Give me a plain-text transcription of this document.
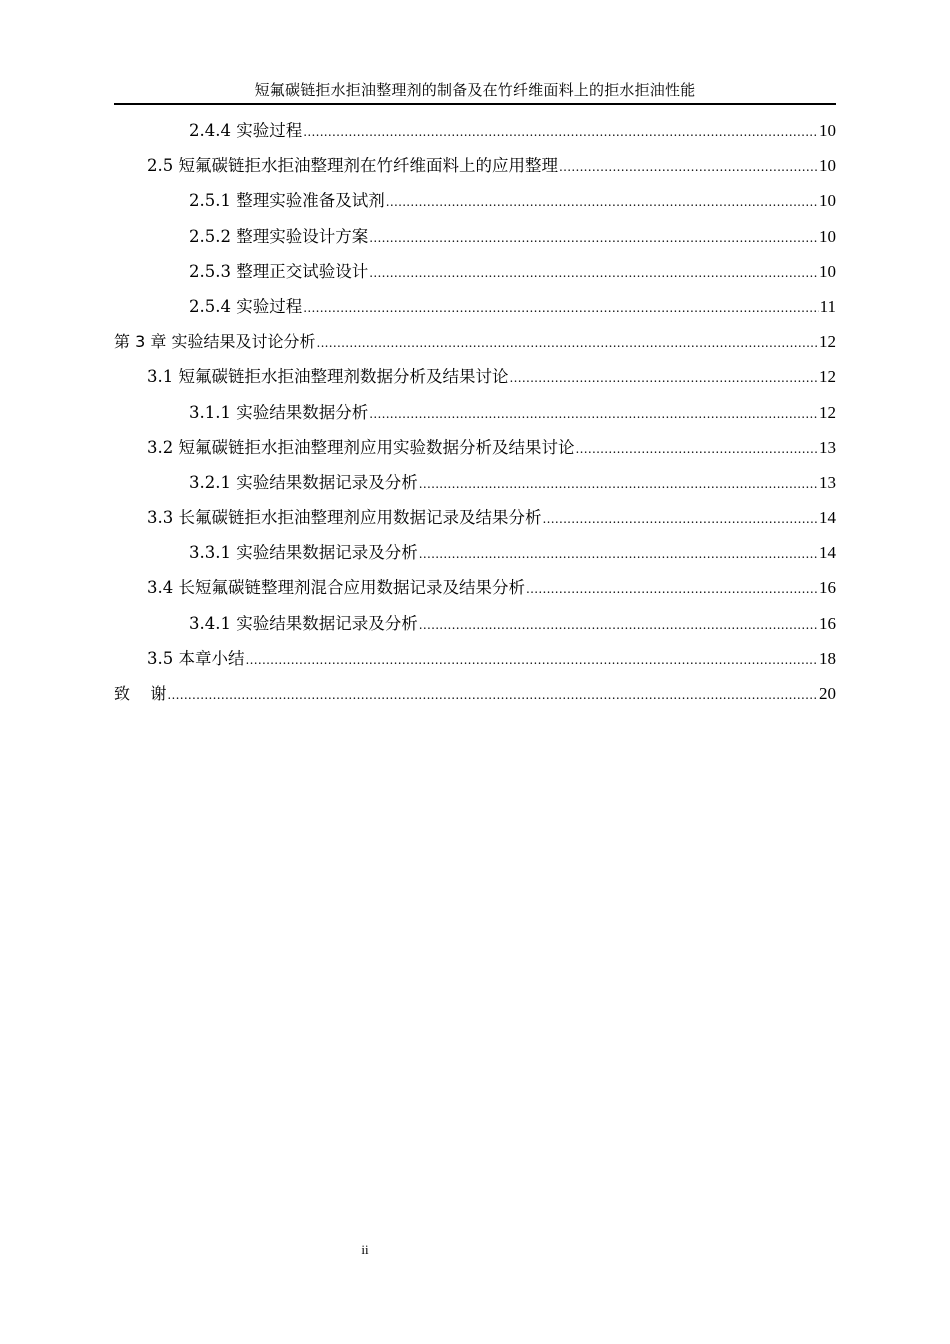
短氟碳链拒水拒油整理剂的制备及在竹纤维面料上的拒水拒油性能
2.4.4 实验过程 .....	10
2.5 短氟碳链拒水拒油整理剂在竹纤维面料上的应用整理 .....	10
2.5.1 整理实验准备及试剂 .....	10
2.5.2 整理实验设计方案 .....	10
2.5.3 整理正交试验设计 .....	10
2.5.4 实验过程 .....	11
第 3 章 实验结果及讨论分析 .....	12
3.1 短氟碳链拒水拒油整理剂数据分析及结果讨论 .....	12
3.1.1 实验结果数据分析 .....	12
3.2 短氟碳链拒水拒油整理剂应用实验数据分析及结果讨论 .....	13
3.2.1 实验结果数据记录及分析 .....	13
3.3 长氟碳链拒水拒油整理剂应用数据记录及结果分析 .....	14
3.3.1 实验结果数据记录及分析 .....	14
3.4 长短氟碳链整理剂混合应用数据记录及结果分析 .....	16
3.4.1 实验结果数据记录及分析 .....	16
3.5 本章小结 .....	18
致    谢 .....	20
ii
